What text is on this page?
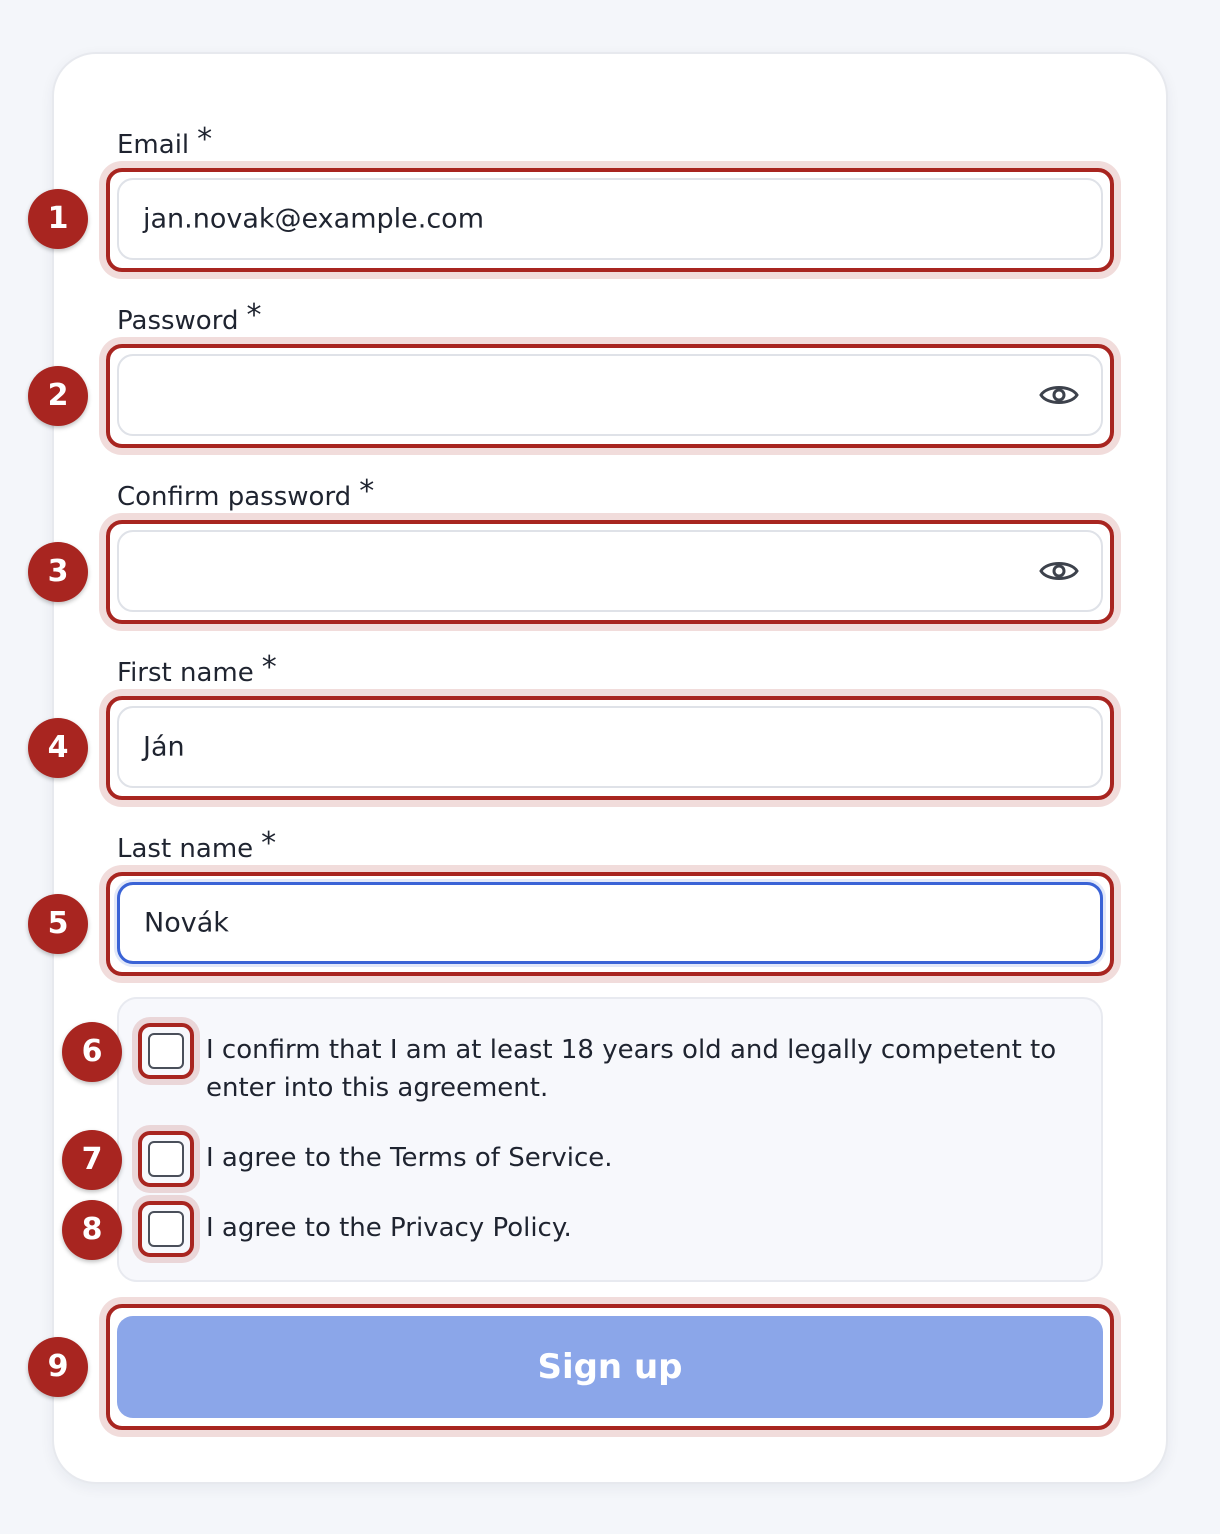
Email *
jan.novak@example.com
1
Password *
2
Confirm password *
3
First name *
Ján
4
Last name *
Novák
5
I confirm that I am at least 18 years old and legally competent to enter into this agreement.
6
I agree to the Terms of Service.
7
I agree to the Privacy Policy.
8
Sign up
9
